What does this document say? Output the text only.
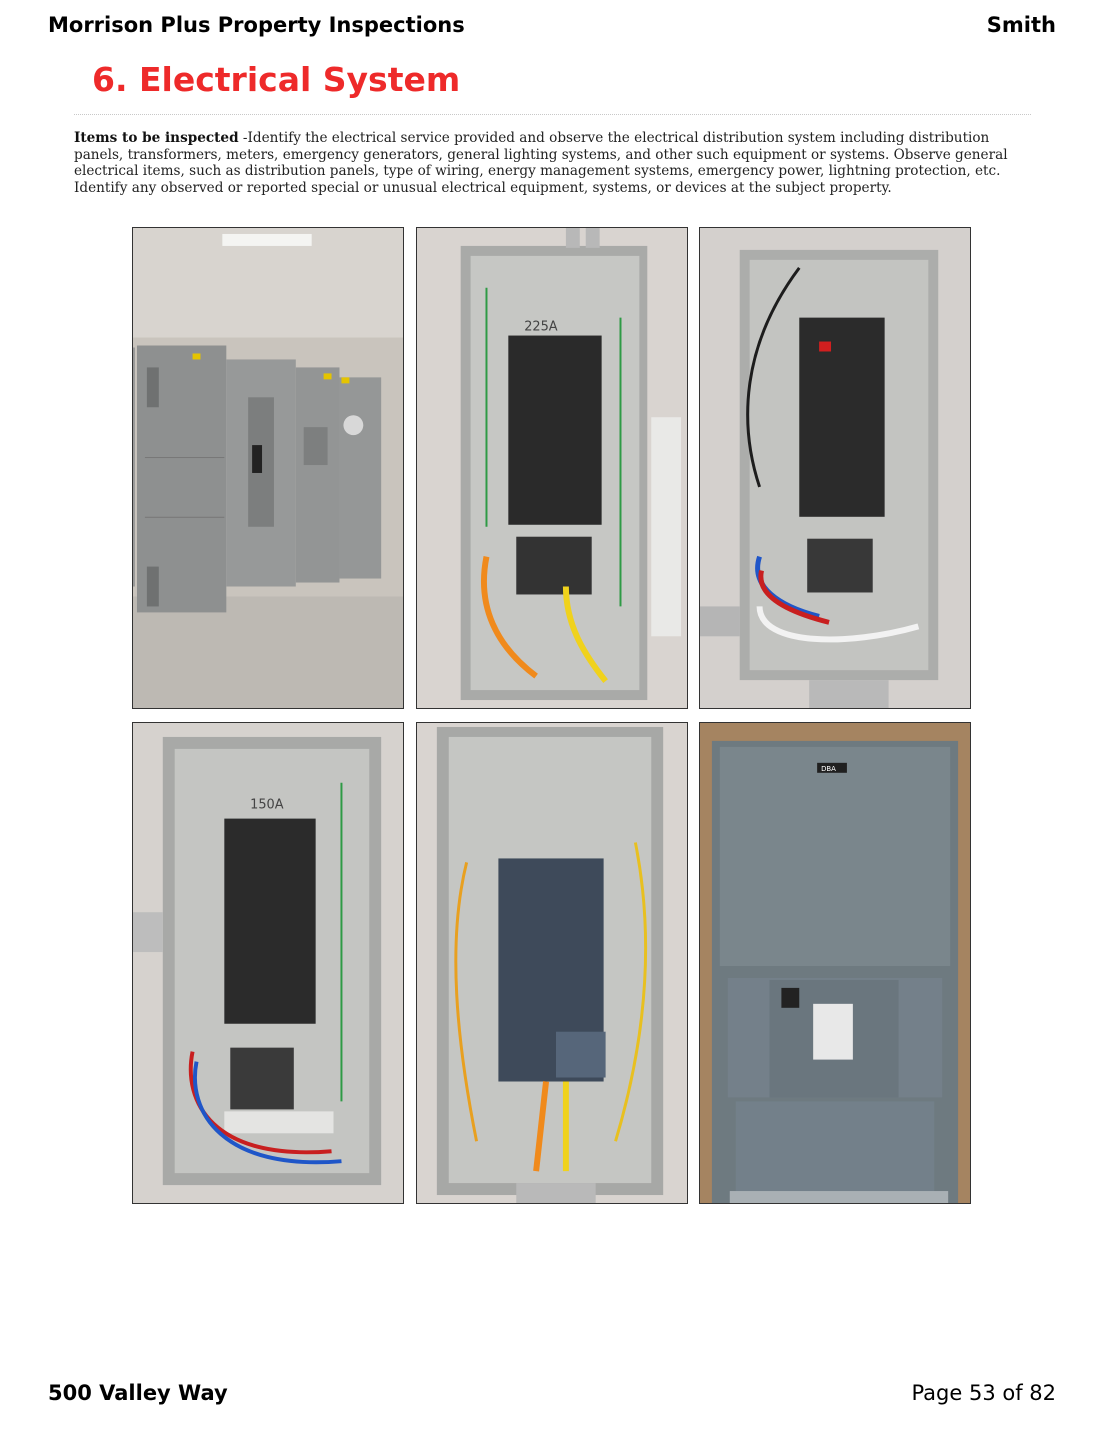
Morrison Plus Property Inspections	Smith
6. Electrical System

Items to be inspected -Identify the electrical service provided and observe the electrical distribution system including distribution panels, transformers, meters, emergency generators, general lighting systems, and other such equipment or systems. Observe general electrical items, such as distribution panels, type of wiring, energy management systems, emergency power, lightning protection, etc. Identify any observed or reported special or unusual electrical equipment, systems, or devices at the subject property.

225A
150A
DBA
500 Valley Way	Page 53 of 82
